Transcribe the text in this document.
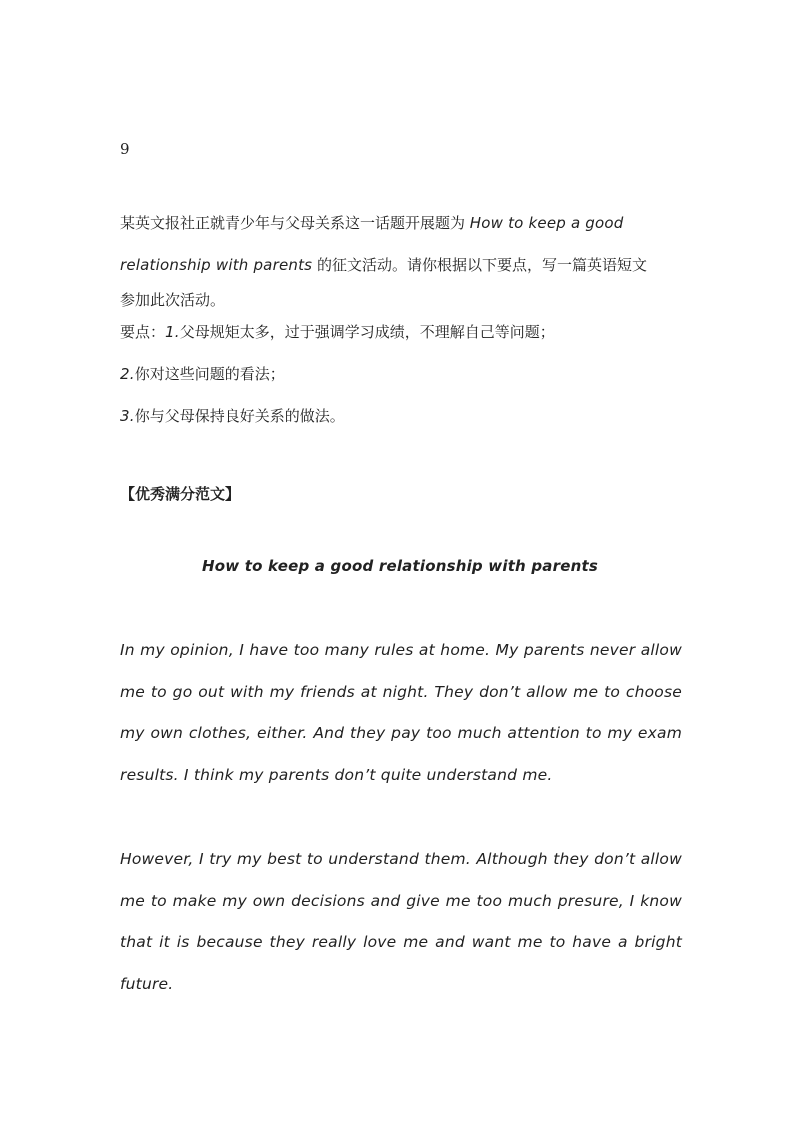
9
某英文报社正就青少年与父母关系这一话题开展题为 How to keep a good
relationship with parents 的征文活动。请你根据以下要点，写一篇英语短文
参加此次活动。
要点：1.父母规矩太多，过于强调学习成绩，不理解自己等问题；
2.你对这些问题的看法；
3.你与父母保持良好关系的做法。
【优秀满分范文】
How to keep a good relationship with parents

In my opinion, I have too many rules at home. My parents never allow me to go out with my friends at night. They don’t allow me to choose my own clothes, either. And they pay too much attention to my exam results. I think my parents don’t quite understand me.

However, I try my best to understand them. Although they don’t allow me to make my own decisions and give me too much presure, I know that it is because they really love me and want me to have a bright future.
